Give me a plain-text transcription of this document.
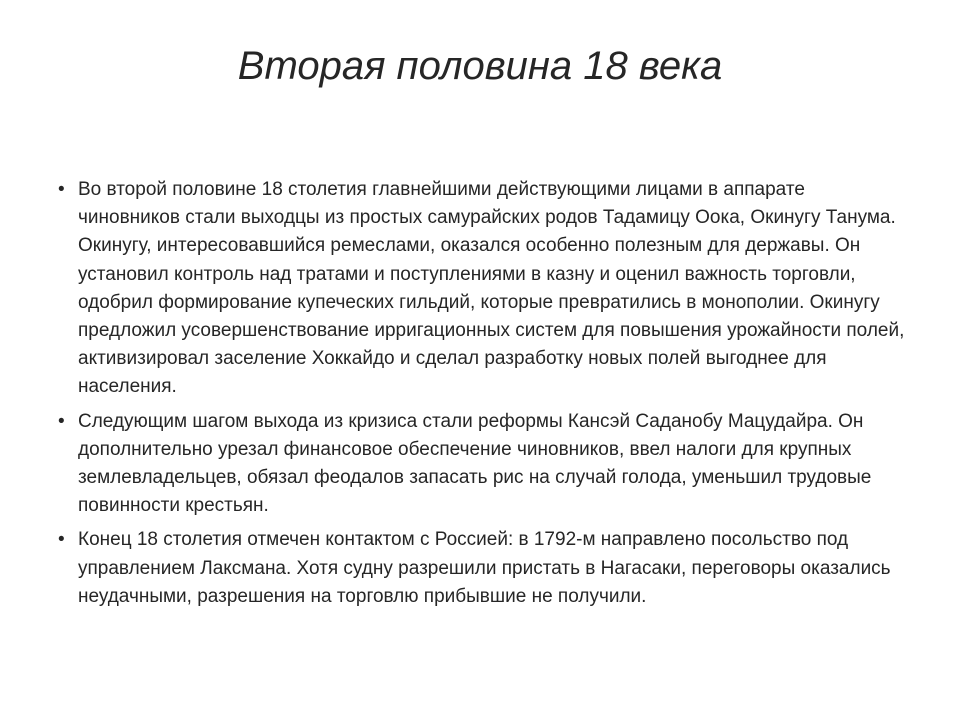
Вторая половина 18 века
• Во второй половине 18 столетия главнейшими действующими лицами в аппарате чиновников стали выходцы из простых самурайских родов Тадамицу Оока, Окинугу Танума. Окинугу, интересовавшийся ремеслами, оказался особенно полезным для державы. Он установил контроль над тратами и поступлениями в казну и оценил важность торговли, одобрил формирование купеческих гильдий, которые превратились в монополии. Окинугу предложил усовершенствование ирригационных систем для повышения урожайности полей, активизировал заселение Хоккайдо и сделал разработку новых полей выгоднее для населения.
• Следующим шагом выхода из кризиса стали реформы Кансэй Саданобу Мацудайра. Он дополнительно урезал финансовое обеспечение чиновников, ввел налоги для крупных землевладельцев, обязал феодалов запасать рис на случай голода, уменьшил трудовые повинности крестьян.
• Конец 18 столетия отмечен контактом с Россией: в 1792-м направлено посольство под управлением Лаксмана. Хотя судну разрешили пристать в Нагасаки, переговоры оказались неудачными, разрешения на торговлю прибывшие не получили.
